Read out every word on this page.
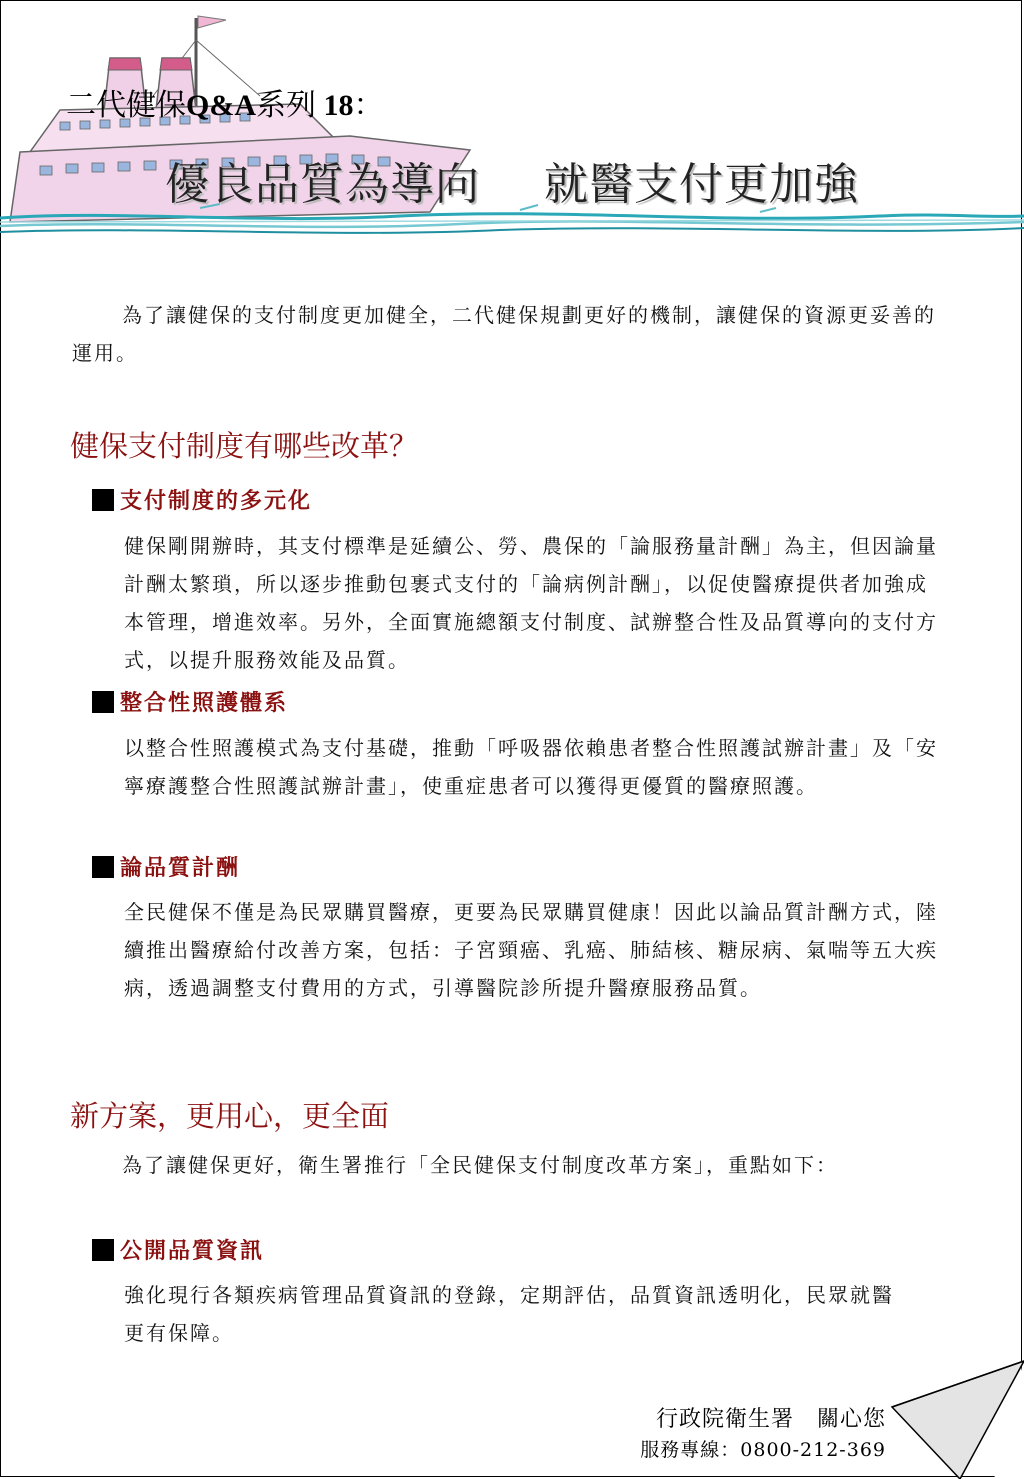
二代健保Q&A系列 18：
優良品質為導向 就醫支付更加強

為了讓健保的支付制度更加健全，二代健保規劃更好的機制，讓健保的資源更妥善的運用。

健保支付制度有哪些改革？
支付制度的多元化

健保剛開辦時，其支付標準是延續公、勞、農保的「論服務量計酬」為主，但因論量計酬太繁瑣，所以逐步推動包裹式支付的「論病例計酬」，以促使醫療提供者加強成本管理，增進效率。另外，全面實施總額支付制度、試辦整合性及品質導向的支付方式，以提升服務效能及品質。

整合性照護體系

以整合性照護模式為支付基礎，推動「呼吸器依賴患者整合性照護試辦計畫」及「安寧療護整合性照護試辦計畫」，使重症患者可以獲得更優質的醫療照護。

論品質計酬

全民健保不僅是為民眾購買醫療，更要為民眾購買健康！因此以論品質計酬方式，陸續推出醫療給付改善方案，包括：子宮頸癌、乳癌、肺結核、糖尿病、氣喘等五大疾病，透過調整支付費用的方式，引導醫院診所提升醫療服務品質。

新方案，更用心，更全面

為了讓健保更好，衛生署推行「全民健保支付制度改革方案」，重點如下：

公開品質資訊

強化現行各類疾病管理品質資訊的登錄，定期評估，品質資訊透明化，民眾就醫更有保障。

行政院衛生署　關心您

服務專線：0800-212-369
